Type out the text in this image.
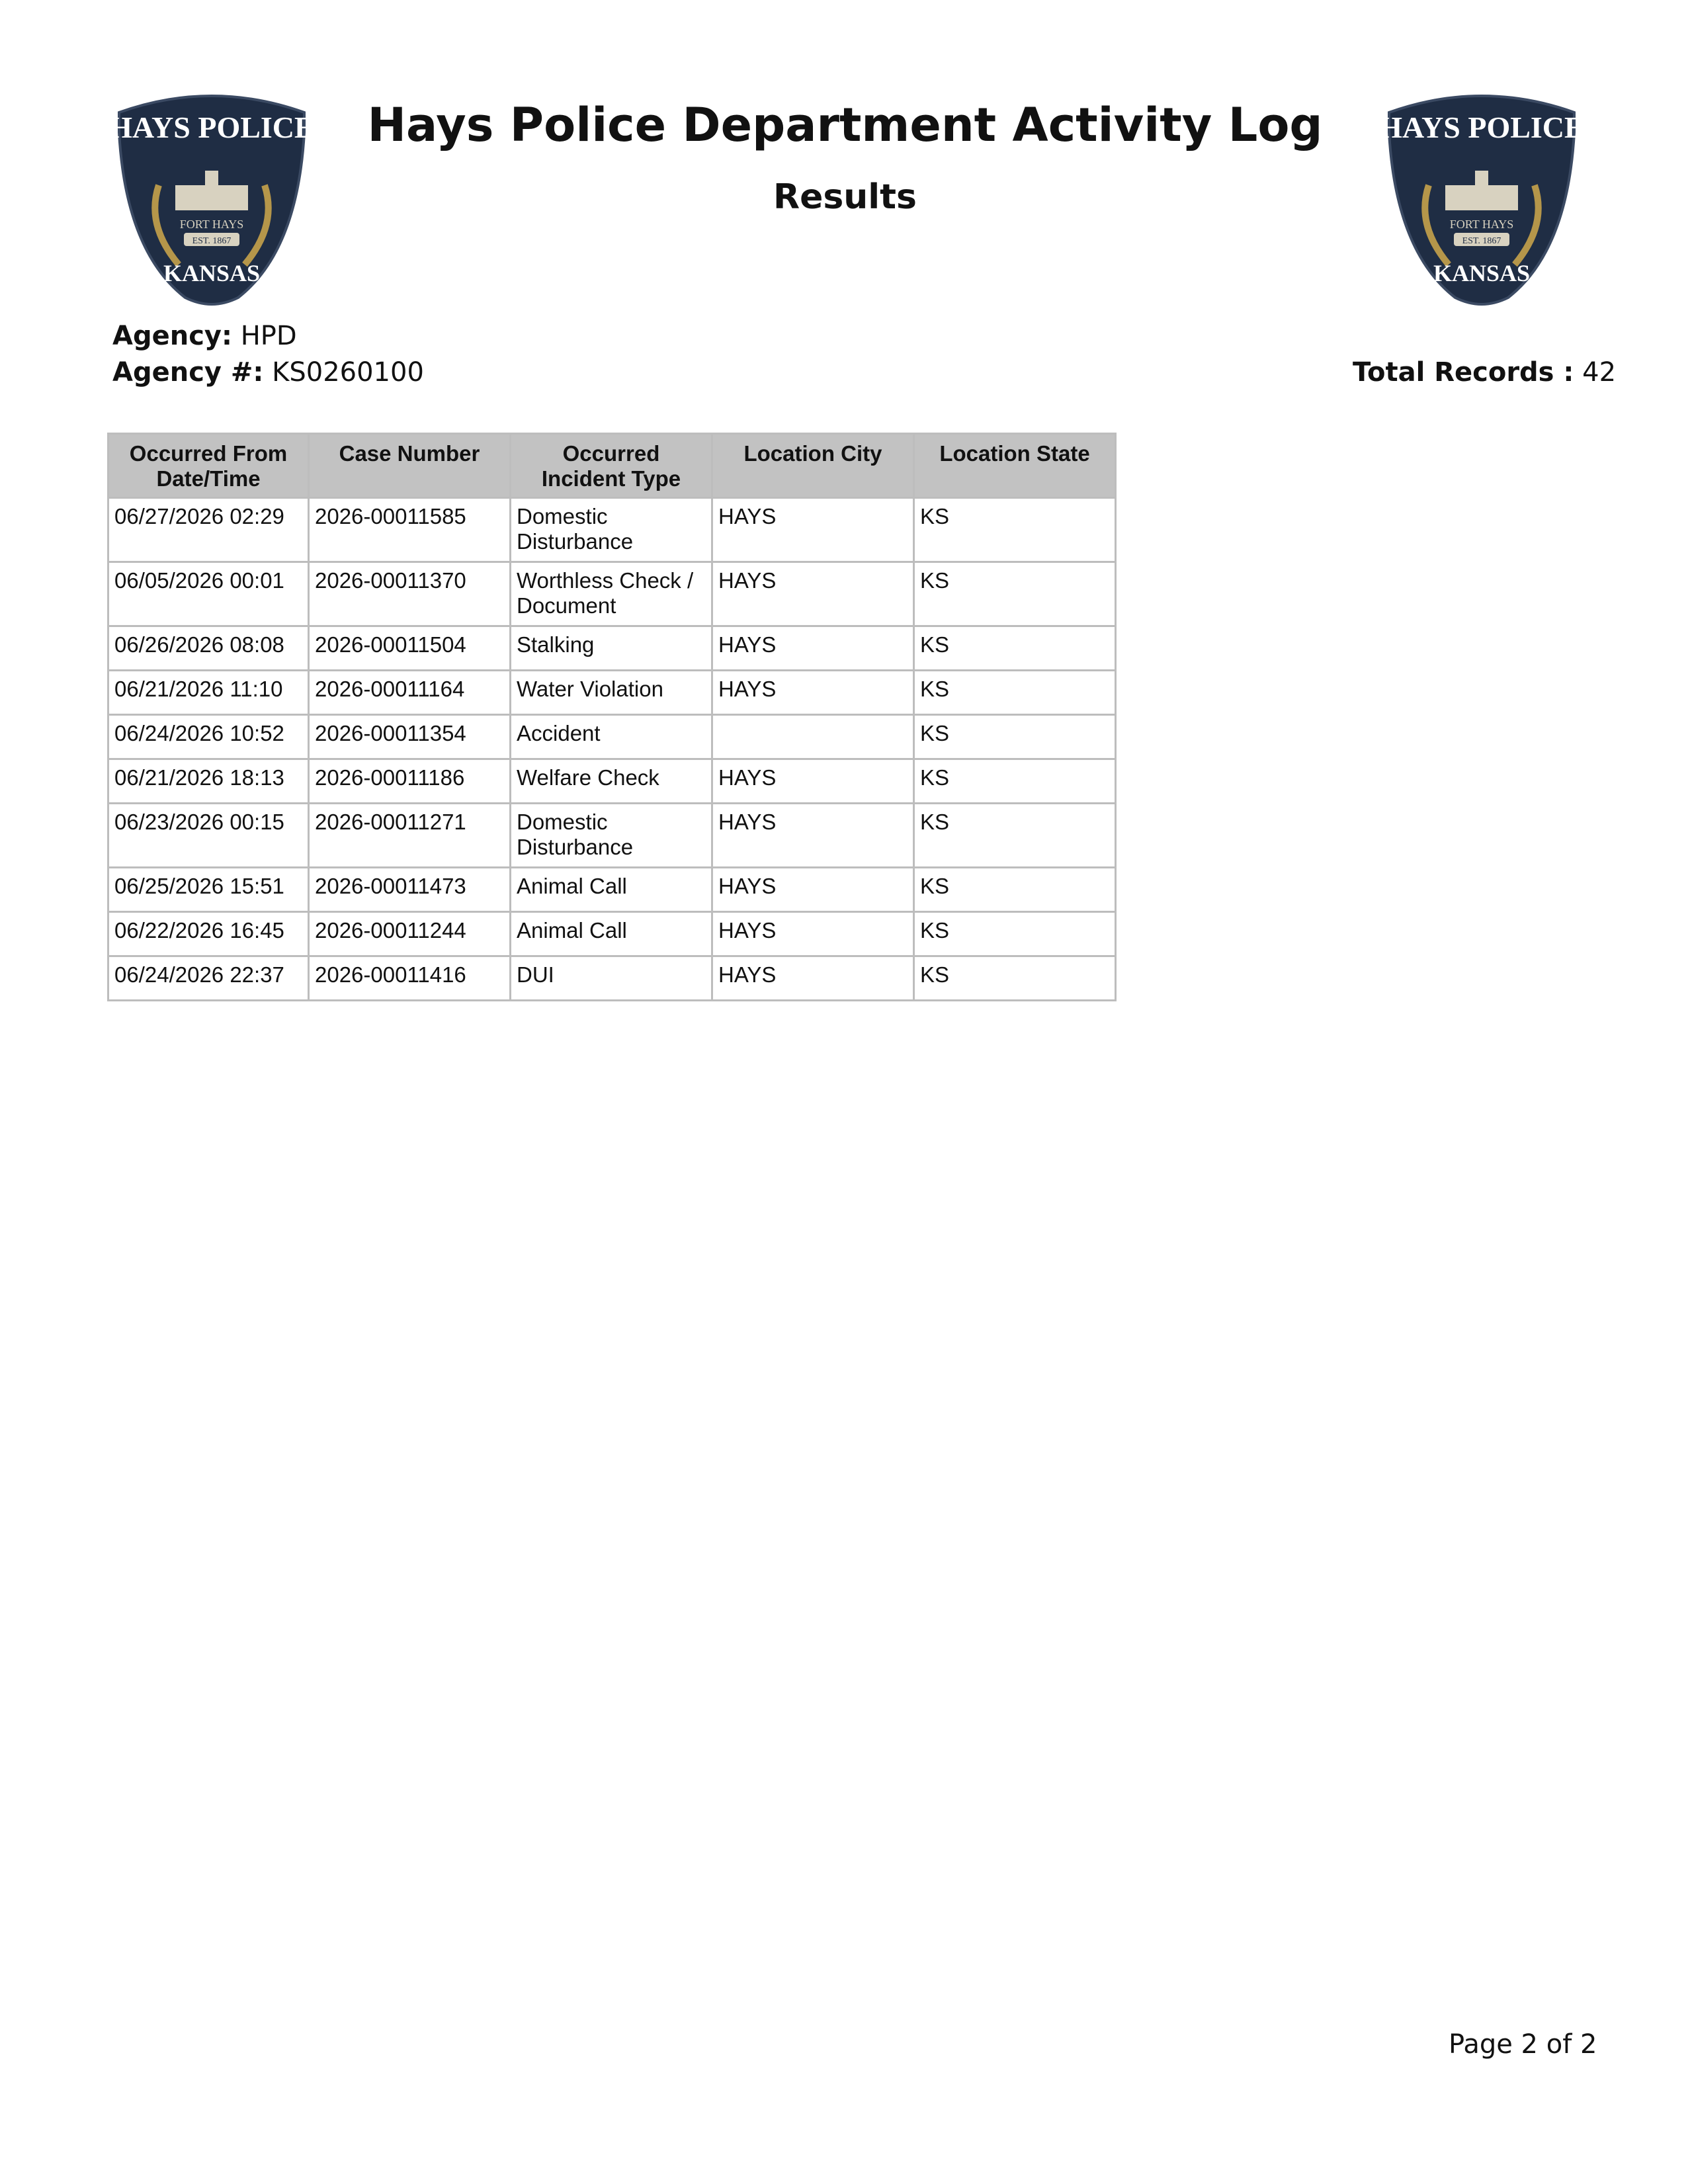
HAYS POLICE
FORT HAYS
EST. 1867
KANSAS
HAYS POLICE
FORT HAYS
EST. 1867
KANSAS
Hays Police Department Activity Log
Results
Agency: HPD
Agency #: KS0260100	Total Records : 42
Occurred From Date/Time	Case Number	Occurred Incident Type	Location City	Location State
06/27/2026 02:29	2026-00011585	Domestic Disturbance	HAYS	KS
06/05/2026 00:01	2026-00011370	Worthless Check / Document	HAYS	KS
06/26/2026 08:08	2026-00011504	Stalking	HAYS	KS
06/21/2026 11:10	2026-00011164	Water Violation	HAYS	KS
06/24/2026 10:52	2026-00011354	Accident		KS
06/21/2026 18:13	2026-00011186	Welfare Check	HAYS	KS
06/23/2026 00:15	2026-00011271	Domestic Disturbance	HAYS	KS
06/25/2026 15:51	2026-00011473	Animal Call	HAYS	KS
06/22/2026 16:45	2026-00011244	Animal Call	HAYS	KS
06/24/2026 22:37	2026-00011416	DUI	HAYS	KS
Page 2 of 2
